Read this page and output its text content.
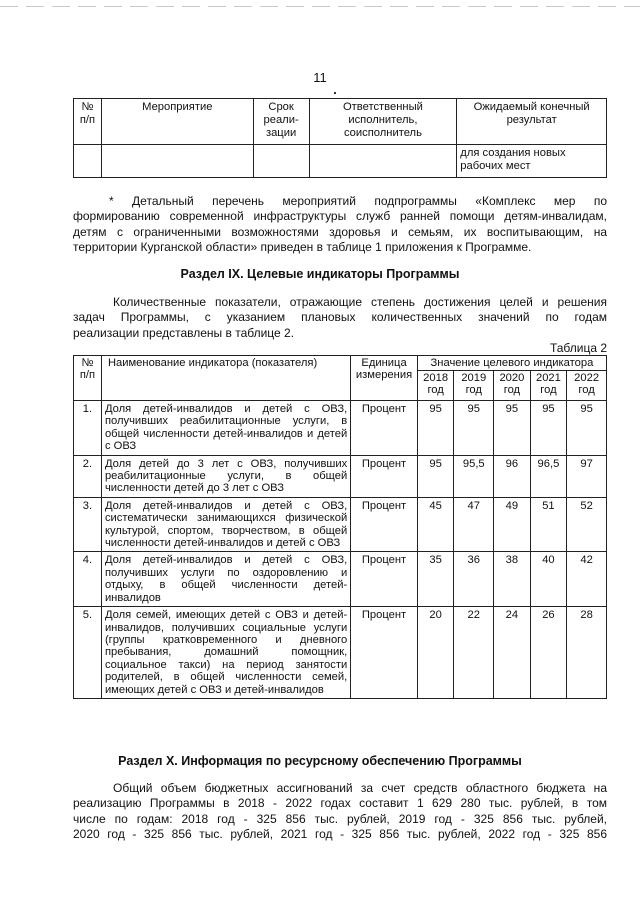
11
№ п/п	Мероприятие	Срок реали-зации	Ответственный исполнитель, соисполнитель	Ожидаемый конечный результат
				для создания новых рабочих мест
* Детальный перечень мероприятий подпрограммы «Комплекс мер по
формированию современной инфраструктуры служб ранней помощи детям-инвалидам,
детям с ограниченными возможностями здоровья и семьям, их воспитывающим, на
территории Курганской области» приведен в таблице 1 приложения к Программе.
Раздел IX. Целевые индикаторы Программы
Количественные показатели, отражающие степень достижения целей и решения
задач Программы, с указанием плановых количественных значений по годам
реализации представлены в таблице 2.
Таблица 2
№ п/п	Наименование индикатора (показателя)	Единица измерения	Значение целевого индикатора				
			2018 год	2019 год	2020 год	2021 год	2022 год
1.	Доля детей-инвалидов и детей с ОВЗ, получивших реабилитационные услуги, в общей численности детей-инвалидов и детей с ОВЗ	Процент	95	95	95	95	95
2.	Доля детей до 3 лет с ОВЗ, получивших реабилитационные услуги, в общей численности детей до 3 лет с ОВЗ	Процент	95	95,5	96	96,5	97
3.	Доля детей-инвалидов и детей с ОВЗ, систематически занимающихся физической культурой, спортом, творчеством, в общей численности детей-инвалидов и детей с ОВЗ	Процент	45	47	49	51	52
4.	Доля детей-инвалидов и детей с ОВЗ, получивших услуги по оздоровлению и отдыху, в общей численности детей-инвалидов	Процент	35	36	38	40	42
5.	Доля семей, имеющих детей с ОВЗ и детей-инвалидов, получивших социальные услуги (группы кратковременного и дневного пребывания, домашний помощник, социальное такси) на период занятости родителей, в общей численности семей, имеющих детей с ОВЗ и детей-инвалидов	Процент	20	22	24	26	28
Раздел X. Информация по ресурсному обеспечению Программы
Общий объем бюджетных ассигнований за счет средств областного бюджета на
реализацию Программы в 2018 - 2022 годах составит 1 629 280 тыс. рублей, в том
числе по годам: 2018 год - 325 856 тыс. рублей, 2019 год - 325 856 тыс. рублей,
2020 год - 325 856 тыс. рублей, 2021 год - 325 856 тыс. рублей, 2022 год - 325 856
